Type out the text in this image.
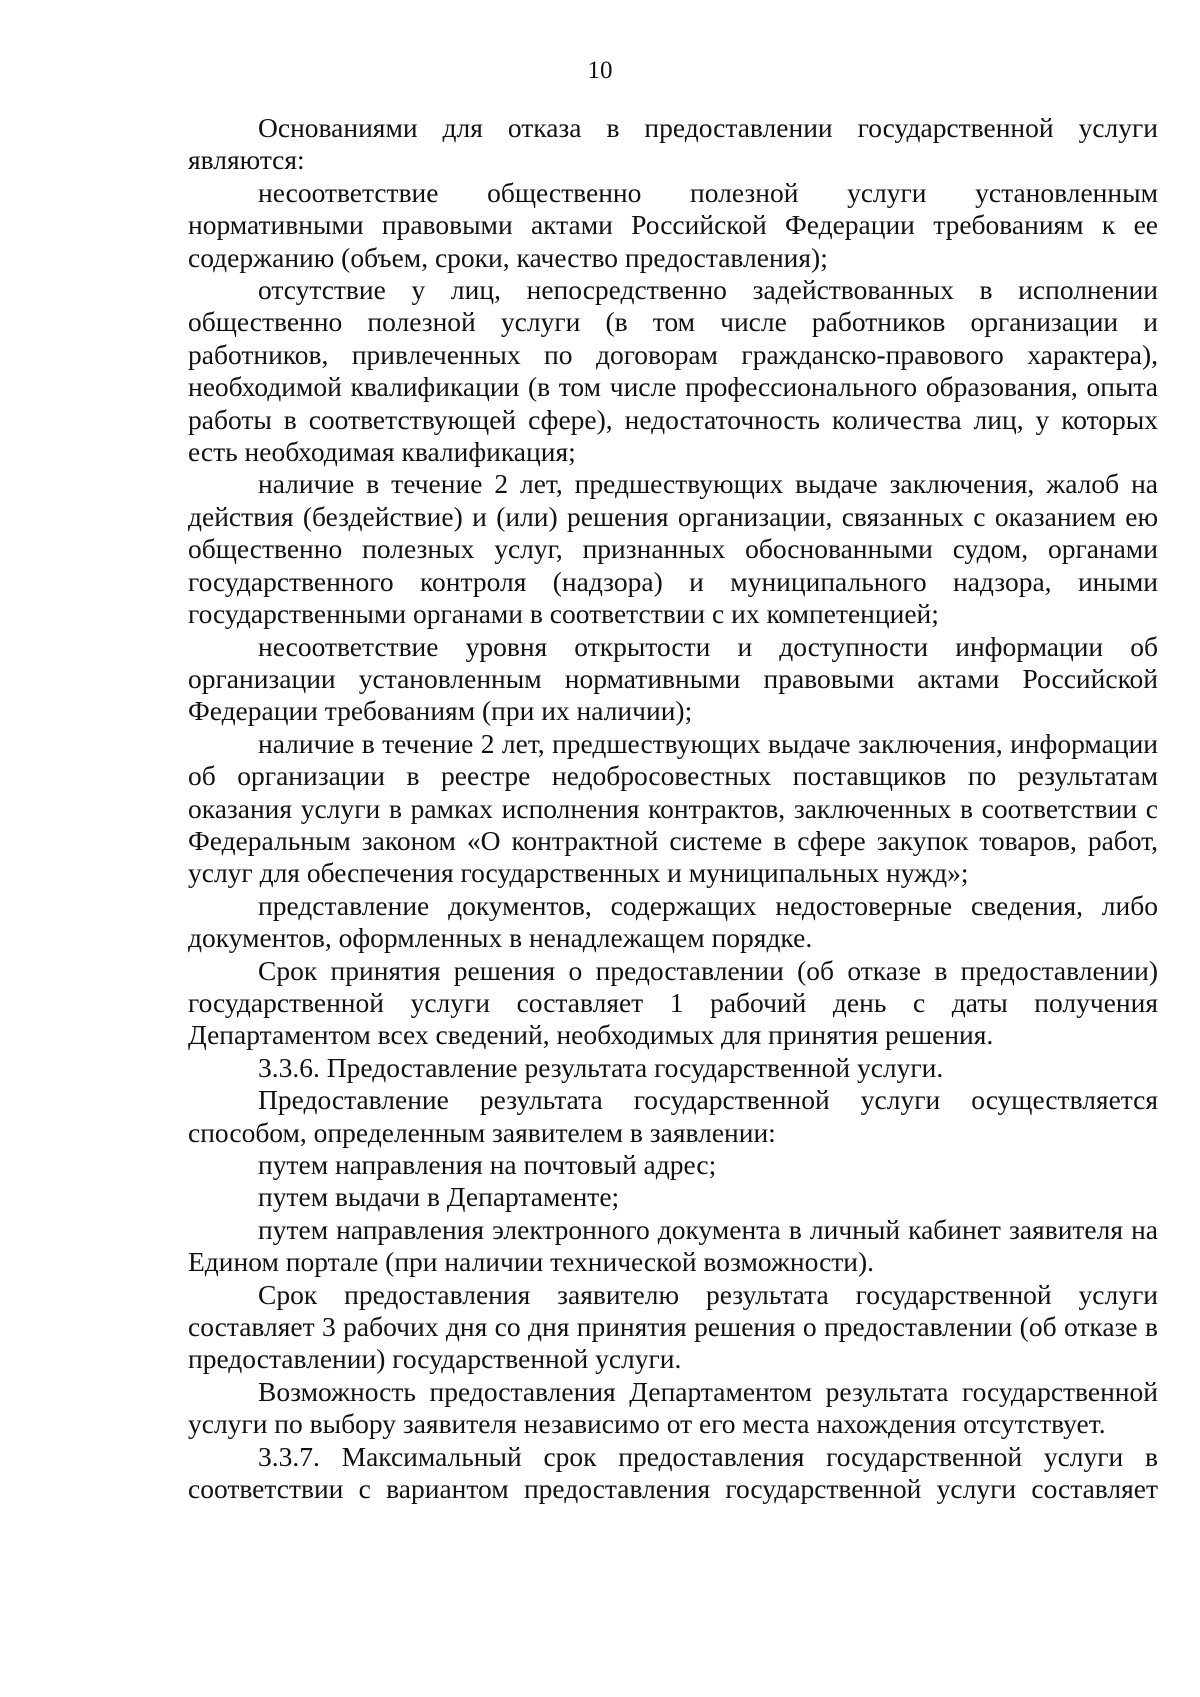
10

Основаниями для отказа в предоставлении государственной услуги являются:

несоответствие общественно полезной услуги установленным нормативными правовыми актами Российской Федерации требованиям к ее содержанию (объем, сроки, качество предоставления);

отсутствие у лиц, непосредственно задействованных в исполнении общественно полезной услуги (в том числе работников организации и работников, привлеченных по договорам гражданско-правового характера), необходимой квалификации (в том числе профессионального образования, опыта работы в соответствующей сфере), недостаточность количества лиц, у которых есть необходимая квалификация;

наличие в течение 2 лет, предшествующих выдаче заключения, жалоб на действия (бездействие) и (или) решения организации, связанных с оказанием ею общественно полезных услуг, признанных обоснованными судом, органами государственного контроля (надзора) и муниципального надзора, иными государственными органами в соответствии с их компетенцией;

несоответствие уровня открытости и доступности информации об организации установленным нормативными правовыми актами Российской Федерации требованиям (при их наличии);

наличие в течение 2 лет, предшествующих выдаче заключения, информации об организации в реестре недобросовестных поставщиков по результатам оказания услуги в рамках исполнения контрактов, заключенных в соответствии с Федеральным законом «О контрактной системе в сфере закупок товаров, работ, услуг для обеспечения государственных и муниципальных нужд»;

представление документов, содержащих недостоверные сведения, либо документов, оформленных в ненадлежащем порядке.

Срок принятия решения о предоставлении (об отказе в предоставлении) государственной услуги составляет 1 рабочий день с даты получения Департаментом всех сведений, необходимых для принятия решения.

3.3.6. Предоставление результата государственной услуги.

Предоставление результата государственной услуги осуществляется способом, определенным заявителем в заявлении:

путем направления на почтовый адрес;

путем выдачи в Департаменте;

путем направления электронного документа в личный кабинет заявителя на Едином портале (при наличии технической возможности).

Срок предоставления заявителю результата государственной услуги составляет 3 рабочих дня со дня принятия решения о предоставлении (об отказе в предоставлении) государственной услуги.

Возможность предоставления Департаментом результата государственной услуги по выбору заявителя независимо от его места нахождения отсутствует.

3.3.7. Максимальный срок предоставления государственной услуги в соответствии с вариантом предоставления государственной услуги составляет
